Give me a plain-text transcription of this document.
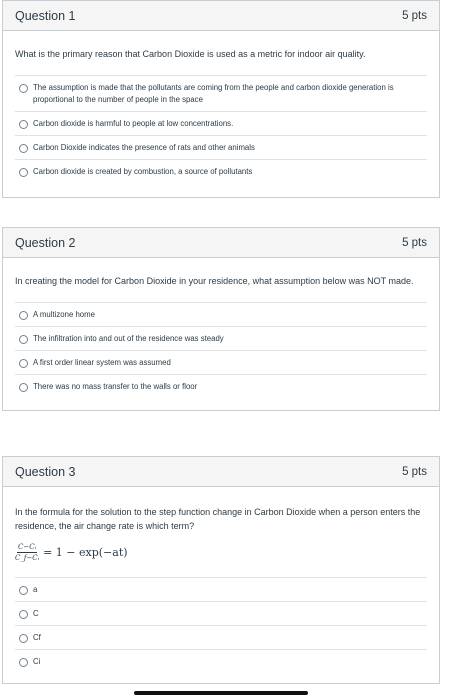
Question 1	5 pts

What is the primary reason that Carbon Dioxide is used as a metric for indoor air quality.

The assumption is made that the pollutants are coming from the people and carbon dioxide generation is proportional to the number of people in the space
Carbon dioxide is harmful to people at low concentrations.
Carbon Dioxide indicates the presence of rats and other animals
Carbon dioxide is created by combustion, a source of pollutants
Question 2	5 pts

In creating the model for Carbon Dioxide in your residence, what assumption below was NOT made.

A multizone home
The infiltration into and out of the residence was steady
A first order linear system was assumed
There was no mass transfer to the walls or floor
Question 3	5 pts

In the formula for the solution to the step function change in Carbon Dioxide when a person enters the residence, the air change rate is which term?

$\frac{\text{C−Cᵢ}}{\text{C\_f−Cᵢ}} = 1 - \exp(-at)$
a
C
Cf
Ci
